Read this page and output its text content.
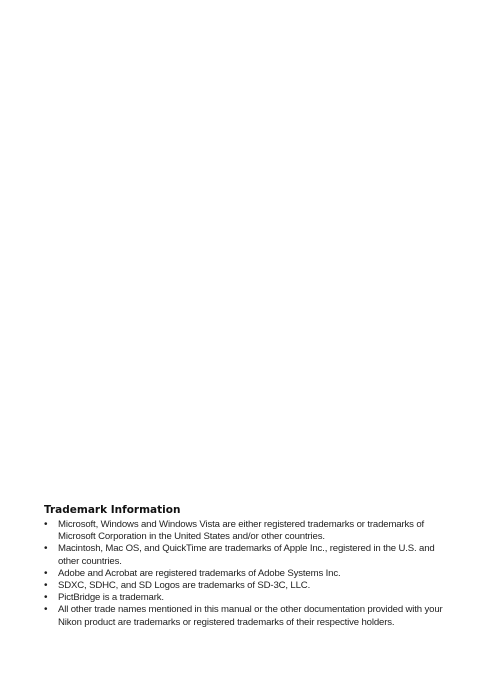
Trademark Information
•	Microsoft, Windows and Windows Vista are either registered trademarks or trademarks of Microsoft Corporation in the United States and/or other countries.
•	Macintosh, Mac OS, and QuickTime are trademarks of Apple Inc., registered in the U.S. and other countries.
•	Adobe and Acrobat are registered trademarks of Adobe Systems Inc.
•	SDXC, SDHC, and SD Logos are trademarks of SD-3C, LLC.
•	PictBridge is a trademark.
•	All other trade names mentioned in this manual or the other documentation provided with your Nikon product are trademarks or registered trademarks of their respective holders.
